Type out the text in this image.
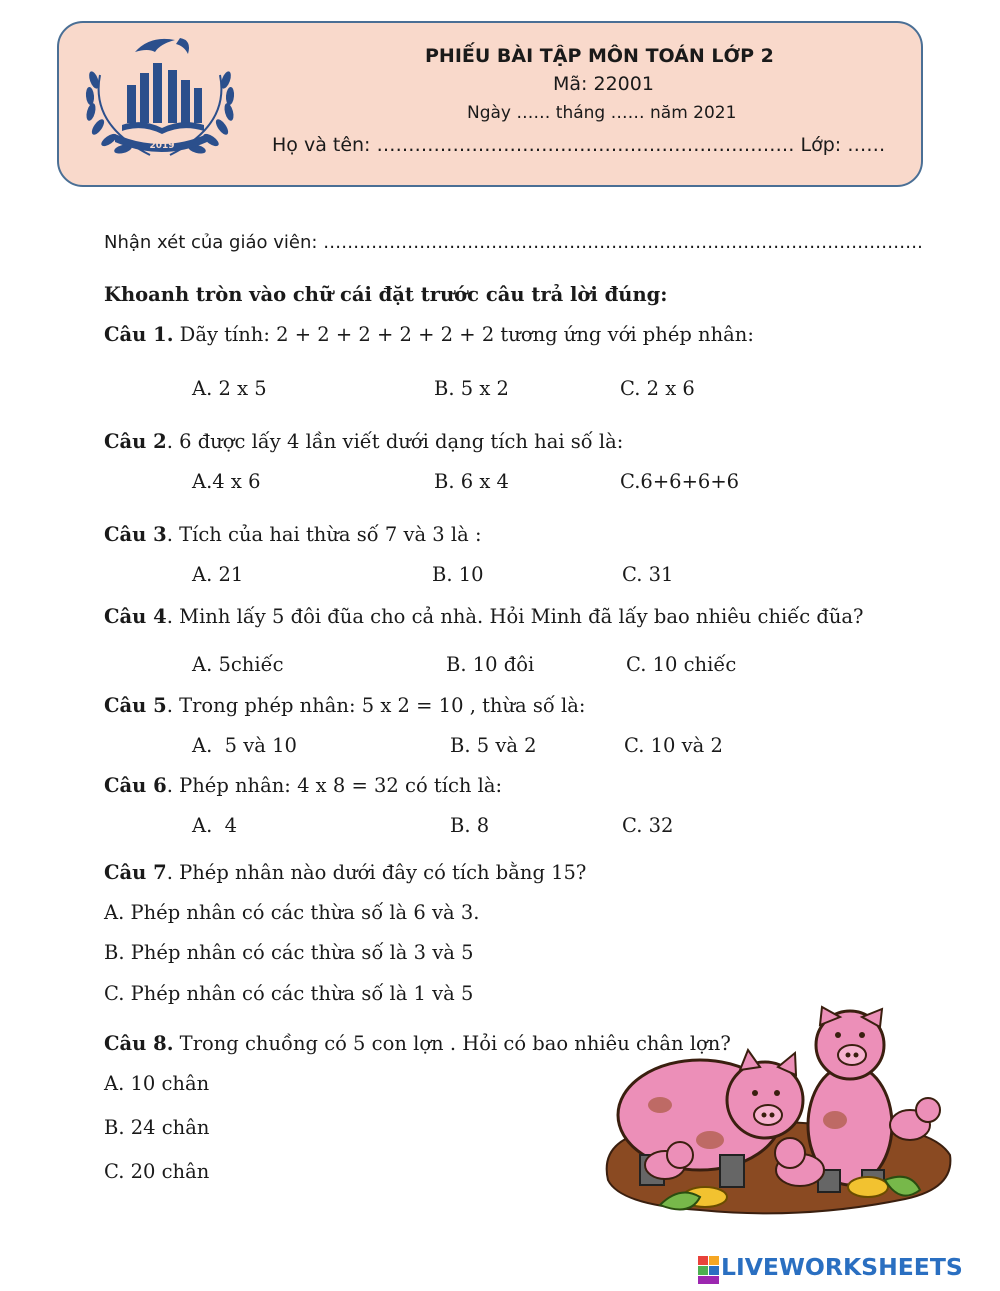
2019
PHIẾU BÀI TẬP MÔN TOÁN LỚP 2
Mã: 22001
Ngày …… tháng …… năm 2021
Họ và tên: ………………………………………………………… Lớp: ……
Nhận xét của giáo viên: ……………………………………………………………………………………….
Khoanh tròn vào chữ cái đặt trước câu trả lời đúng:
Câu 1. Dãy tính: 2 + 2 + 2 + 2 + 2 + 2 tương ứng với phép nhân:
A. 2 x 5	B. 5 x 2	C. 2 x 6
Câu 2. 6 được lấy 4 lần viết dưới dạng tích hai số là:
A.4 x 6	B. 6 x 4	C.6+6+6+6
Câu 3. Tích của hai thừa số 7 và 3 là :
A. 21	B. 10	C. 31
Câu 4. Minh lấy 5 đôi đũa cho cả nhà. Hỏi Minh đã lấy bao nhiêu chiếc đũa?
A. 5chiếc	B. 10 đôi	C. 10 chiếc
Câu 5. Trong phép nhân: 5 x 2 = 10 , thừa số là:
A.  5 và 10	B. 5 và 2	C. 10 và 2
Câu 6. Phép nhân: 4 x 8 = 32 có tích là:
A.  4	B. 8	C. 32
Câu 7. Phép nhân nào dưới đây có tích bằng 15?
A. Phép nhân có các thừa số là 6 và 3.
B. Phép nhân có các thừa số là 3 và 5
C. Phép nhân có các thừa số là 1 và 5
Câu 8. Trong chuồng có 5 con lợn . Hỏi có bao nhiêu chân lợn?
A. 10 chân
B. 24 chân
C. 20 chân
LIVEWORKSHEETS
